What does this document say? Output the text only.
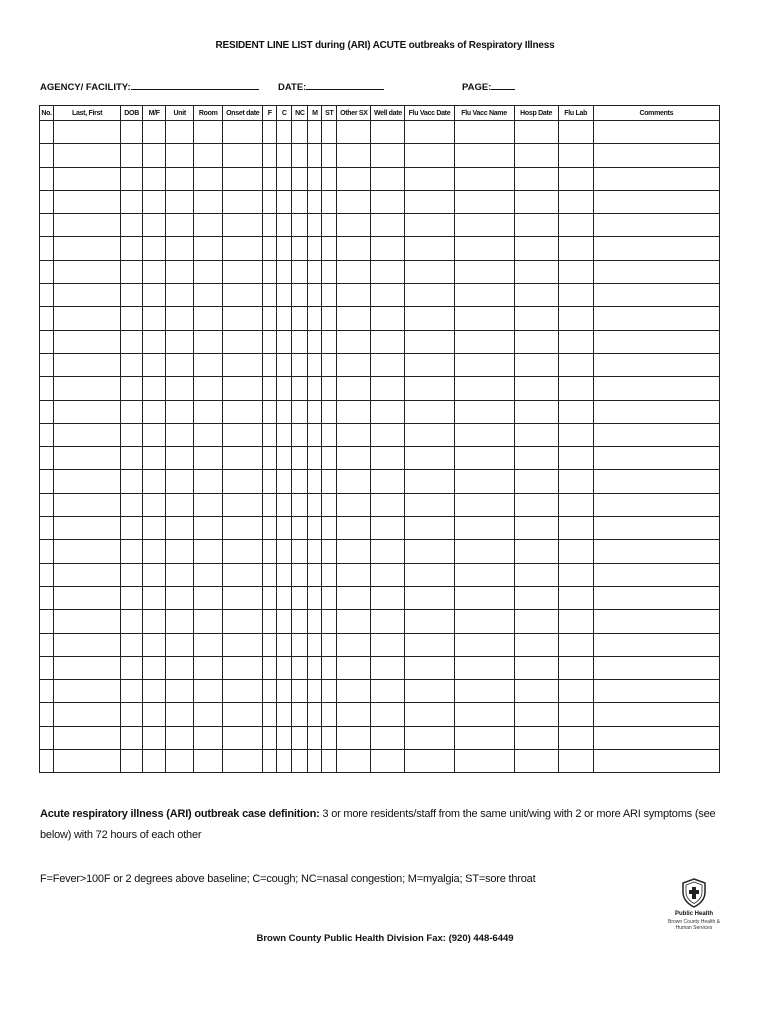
RESIDENT LINE LIST during (ARI) ACUTE outbreaks of Respiratory Illness
AGENCY/ FACILITY:	DATE:	PAGE:
No.	Last, First	DOB	M/F	Unit	Room	Onset date	F	C	NC	M	ST	Other SX	Well date	Flu Vacc Date	Flu Vacc Name	Hosp Date	Flu Lab	Comments

Acute respiratory illness (ARI) outbreak case definition: 3 or more residents/staff from the same unit/wing with 2 or more ARI symptoms (see below) with 72 hours of each other
F=Fever>100F or 2 degrees above baseline; C=cough; NC=nasal congestion; M=myalgia; ST=sore throat
Brown County Public Health Division Fax: (920) 448-6449
Public Health
Brown County Health & Human Services
